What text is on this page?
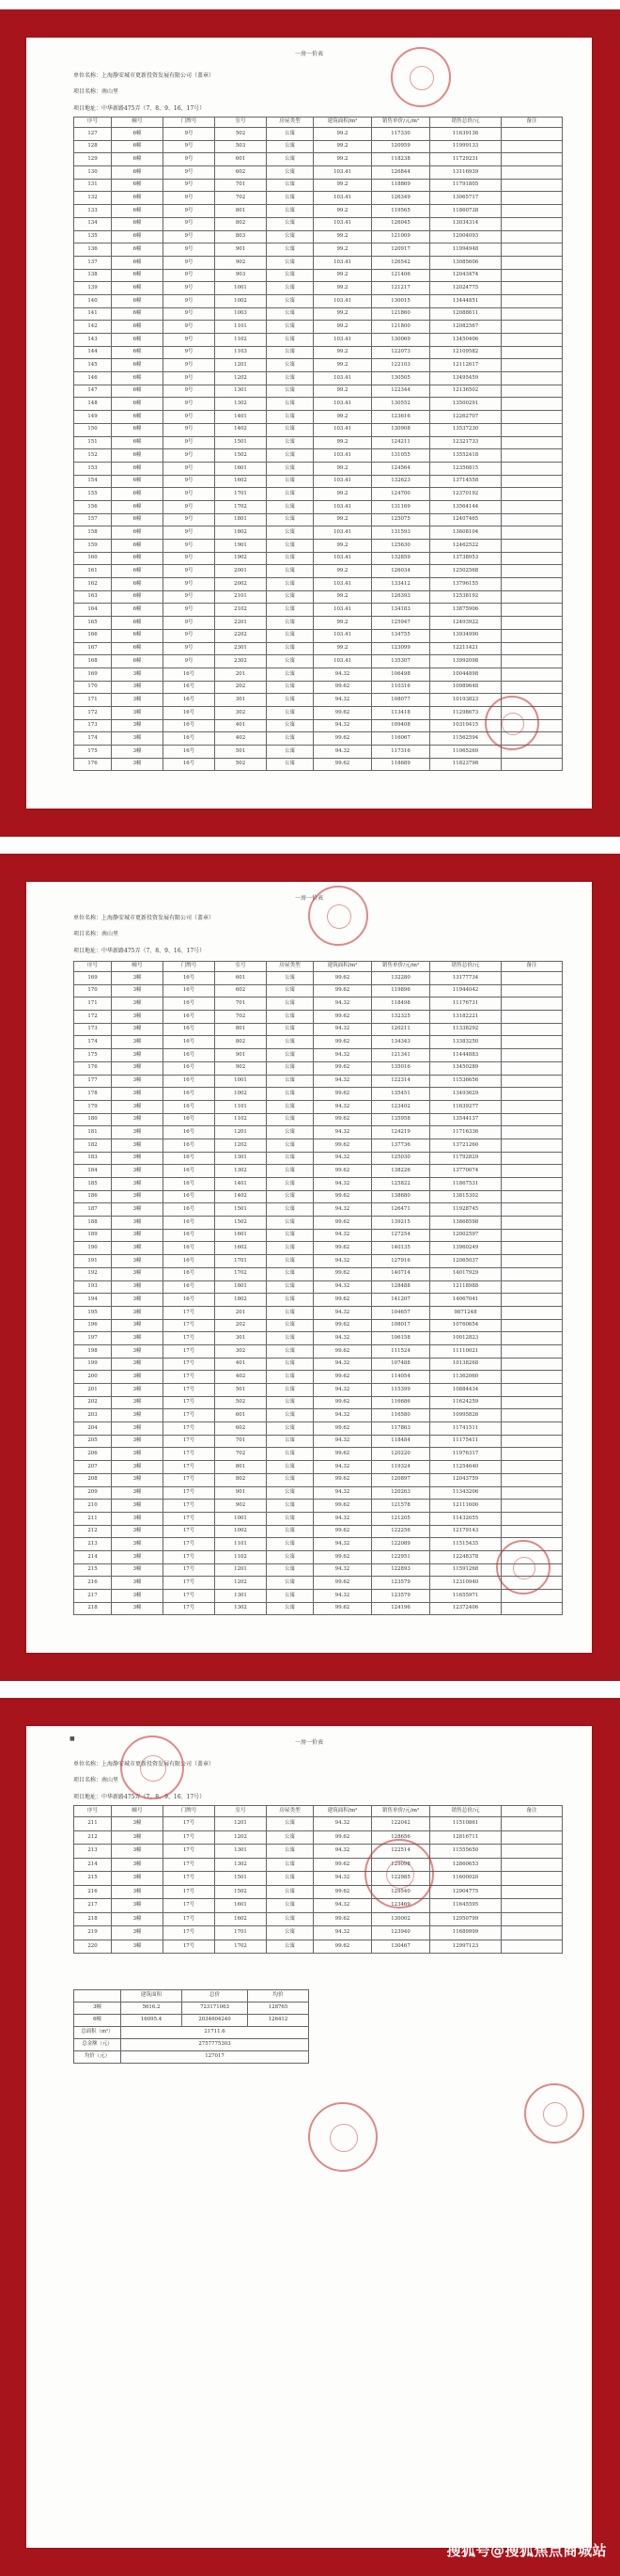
一房一价表
单位名称：上海静安城市更新投资发展有限公司（盖章）
项目名称：南山里
项目地址：中华新路475弄（7、8、9、16、17号）
序号	幢号	门牌号	室号	房屋类型	建筑面积/m²	销售单价/元/m²	销售总价/元	备注
127	6幢	9号	502	公寓	99.2	117330	11639136	
128	6幢	9号	503	公寓	99.2	120959	11999133	
129	6幢	9号	601	公寓	99.2	118238	11729231	
130	6幢	9号	602	公寓	103.41	126844	13116939	
131	6幢	9号	701	公寓	99.2	118869	11791805	
132	6幢	9号	702	公寓	103.41	126349	13065717	
133	6幢	9号	801	公寓	99.2	119565	11860738	
134	6幢	9号	802	公寓	103.41	126045	13034314	
135	6幢	9号	803	公寓	99.2	121009	12004093	
136	6幢	9号	901	公寓	99.2	120917	11994948	
137	6幢	9号	902	公寓	103.41	126542	13085606	
138	6幢	9号	903	公寓	99.2	121406	12043474	
139	6幢	9号	1001	公寓	99.2	121217	12024775	
140	6幢	9号	1002	公寓	103.41	130015	13444851	
141	6幢	9号	1003	公寓	99.2	121860	12088611	
142	6幢	9号	1101	公寓	99.2	121800	12082567	
143	6幢	9号	1102	公寓	103.41	130069	13450406	
144	6幢	9号	1103	公寓	99.2	122073	12109582	
145	6幢	9号	1201	公寓	99.2	122103	12112617	
146	6幢	9号	1202	公寓	103.41	130505	13495459	
147	6幢	9号	1301	公寓	99.2	122344	12136502	
148	6幢	9号	1302	公寓	103.41	130552	13500291	
149	6幢	9号	1401	公寓	99.2	123616	12262707	
150	6幢	9号	1402	公寓	103.41	130908	13537230	
151	6幢	9号	1501	公寓	99.2	124211	12321733	
152	6幢	9号	1502	公寓	103.41	131055	13552418	
153	6幢	9号	1601	公寓	99.2	124564	12356815	
154	6幢	9号	1602	公寓	103.41	132623	13714558	
155	6幢	9号	1701	公寓	99.2	124700	12370192	
156	6幢	9号	1702	公寓	103.41	131169	13564144	
157	6幢	9号	1801	公寓	99.2	125075	12407465	
158	6幢	9号	1802	公寓	103.41	131593	13608104	
159	6幢	9号	1901	公寓	99.2	125630	12462522	
160	6幢	9号	1902	公寓	103.41	132859	13738953	
161	6幢	9号	2001	公寓	99.2	126034	12502568	
162	6幢	9号	2002	公寓	103.41	133412	13796155	
163	6幢	9号	2101	公寓	99.2	126393	12538192	
164	6幢	9号	2102	公寓	103.41	134183	13875906	
165	6幢	9号	2201	公寓	99.2	125947	12493922	
166	6幢	9号	2202	公寓	103.41	134755	13934990	
167	6幢	9号	2301	公寓	99.2	123099	12211421	
168	6幢	9号	2302	公寓	103.41	135307	13992098	
169	3幢	16号	201	公寓	94.32	106498	10044898	
170	3幢	16号	202	公寓	99.62	110316	10989648	
171	3幢	16号	301	公寓	94.32	108077	10193823	
172	3幢	16号	302	公寓	99.62	113418	11298673	
173	3幢	16号	401	公寓	94.32	109408	10319415	
174	3幢	16号	402	公寓	99.62	116067	11562594	
175	3幢	16号	501	公寓	94.32	117316	11065269	
176	3幢	16号	502	公寓	99.62	118689	11823798	
一房一价表
单位名称：上海静安城市更新投资发展有限公司（盖章）
项目名称：南山里
项目地址：中华新路475弄（7、8、9、16、17号）
序号	幢号	门牌号	室号	房屋类型	建筑面积/m²	销售单价/元/m²	销售总价/元	备注
169	3幢	16号	601	公寓	99.62	132280	13177734	
170	3幢	16号	602	公寓	99.62	119896	11944042	
171	3幢	16号	701	公寓	94.32	118498	11176731	
172	3幢	16号	702	公寓	99.62	132325	13182221	
173	3幢	16号	801	公寓	94.32	120211	11338292	
174	3幢	16号	802	公寓	99.62	134343	13383250	
175	3幢	16号	901	公寓	94.32	121341	11444883	
176	3幢	16号	902	公寓	99.62	135016	13450289	
177	3幢	16号	1001	公寓	94.32	122314	11536656	
178	3幢	16号	1002	公寓	99.62	135451	13493629	
179	3幢	16号	1101	公寓	94.32	123402	11639277	
180	3幢	16号	1102	公寓	99.62	135958	13544137	
181	3幢	16号	1201	公寓	94.32	124219	11716336	
182	3幢	16号	1202	公寓	99.62	137736	13721260	
183	3幢	16号	1301	公寓	94.32	125030	11792829	
184	3幢	16号	1302	公寓	99.62	138226	13770074	
185	3幢	16号	1401	公寓	94.32	125822	11867531	
186	3幢	16号	1402	公寓	99.62	138680	13815302	
187	3幢	16号	1501	公寓	94.32	126471	11928745	
188	3幢	16号	1502	公寓	99.62	139215	13868598	
189	3幢	16号	1601	公寓	94.32	127254	12002597	
190	3幢	16号	1602	公寓	99.62	140135	13960249	
191	3幢	16号	1701	公寓	94.32	127916	12065037	
192	3幢	16号	1702	公寓	99.62	140714	14017929	
193	3幢	16号	1801	公寓	94.32	128488	12118988	
194	3幢	16号	1802	公寓	99.62	141207	14067041	
195	3幢	17号	201	公寓	94.32	104657	9871248	
196	3幢	17号	202	公寓	99.62	108017	10760654	
197	3幢	17号	301	公寓	94.32	106158	10012823	
198	3幢	17号	302	公寓	99.62	111524	11110021	
199	3幢	17号	401	公寓	94.32	107488	10138268	
200	3幢	17号	402	公寓	99.62	114054	11362060	
201	3幢	17号	501	公寓	94.32	115399	10884434	
202	3幢	17号	502	公寓	99.62	116686	11624259	
203	3幢	17号	601	公寓	94.32	116580	10995826	
204	3幢	17号	602	公寓	99.62	117863	11741511	
205	3幢	17号	701	公寓	94.32	118484	11175411	
206	3幢	17号	702	公寓	99.62	120220	11976317	
207	3幢	17号	801	公寓	94.32	119324	11254640	
208	3幢	17号	802	公寓	99.62	120897	12043759	
209	3幢	17号	901	公寓	94.32	120263	11343206	
210	3幢	17号	902	公寓	99.62	121578	12111600	
211	3幢	17号	1001	公寓	94.32	121205	11432055	
212	3幢	17号	1002	公寓	99.62	122256	12179143	
213	3幢	17号	1101	公寓	94.32	122089	11515435	
214	3幢	17号	1102	公寓	99.62	122951	12248378	
215	3幢	17号	1201	公寓	94.32	122893	11591268	
216	3幢	17号	1202	公寓	99.62	123579	12310940	
217	3幢	17号	1301	公寓	94.32	123579	11655971	
218	3幢	17号	1302	公寓	99.62	124196	12372406	
■
一房一价表
单位名称：上海静安城市更新投资发展有限公司（盖章）
项目名称：南山里
项目地址：中华新路475弄（7、8、9、16、17号）
序号	幢号	门牌号	室号	房屋类型	建筑面积/m²	销售单价/元/m²	销售总价/元	备注
211	3幢	17号	1201	公寓	94.32	122042	11510861	
212	3幢	17号	1202	公寓	99.62	128656	12816711	
213	3幢	17号	1301	公寓	94.32	122514	11555650	
214	3幢	17号	1302	公寓	99.62	129098	12860653	
215	3幢	17号	1501	公寓	94.32	122985	11600020	
216	3幢	17号	1502	公寓	99.62	129540	12904775	
217	3幢	17号	1601	公寓	94.32	123469	11645595	
218	3幢	17号	1602	公寓	99.62	130002	12950799	
219	3幢	17号	1701	公寓	94.32	123940	11689999	
220	3幢	17号	1702	公寓	99.62	130467	12997123	
	建筑面积	总价	均价
3幢	5616.2	723171063	128765
6幢	16095.4	2034604240	126412
总面积（m²）	21711.6		
总金额（元）	2757775303		
均价（元）	127017		
搜狐号@搜狐焦点商城站
